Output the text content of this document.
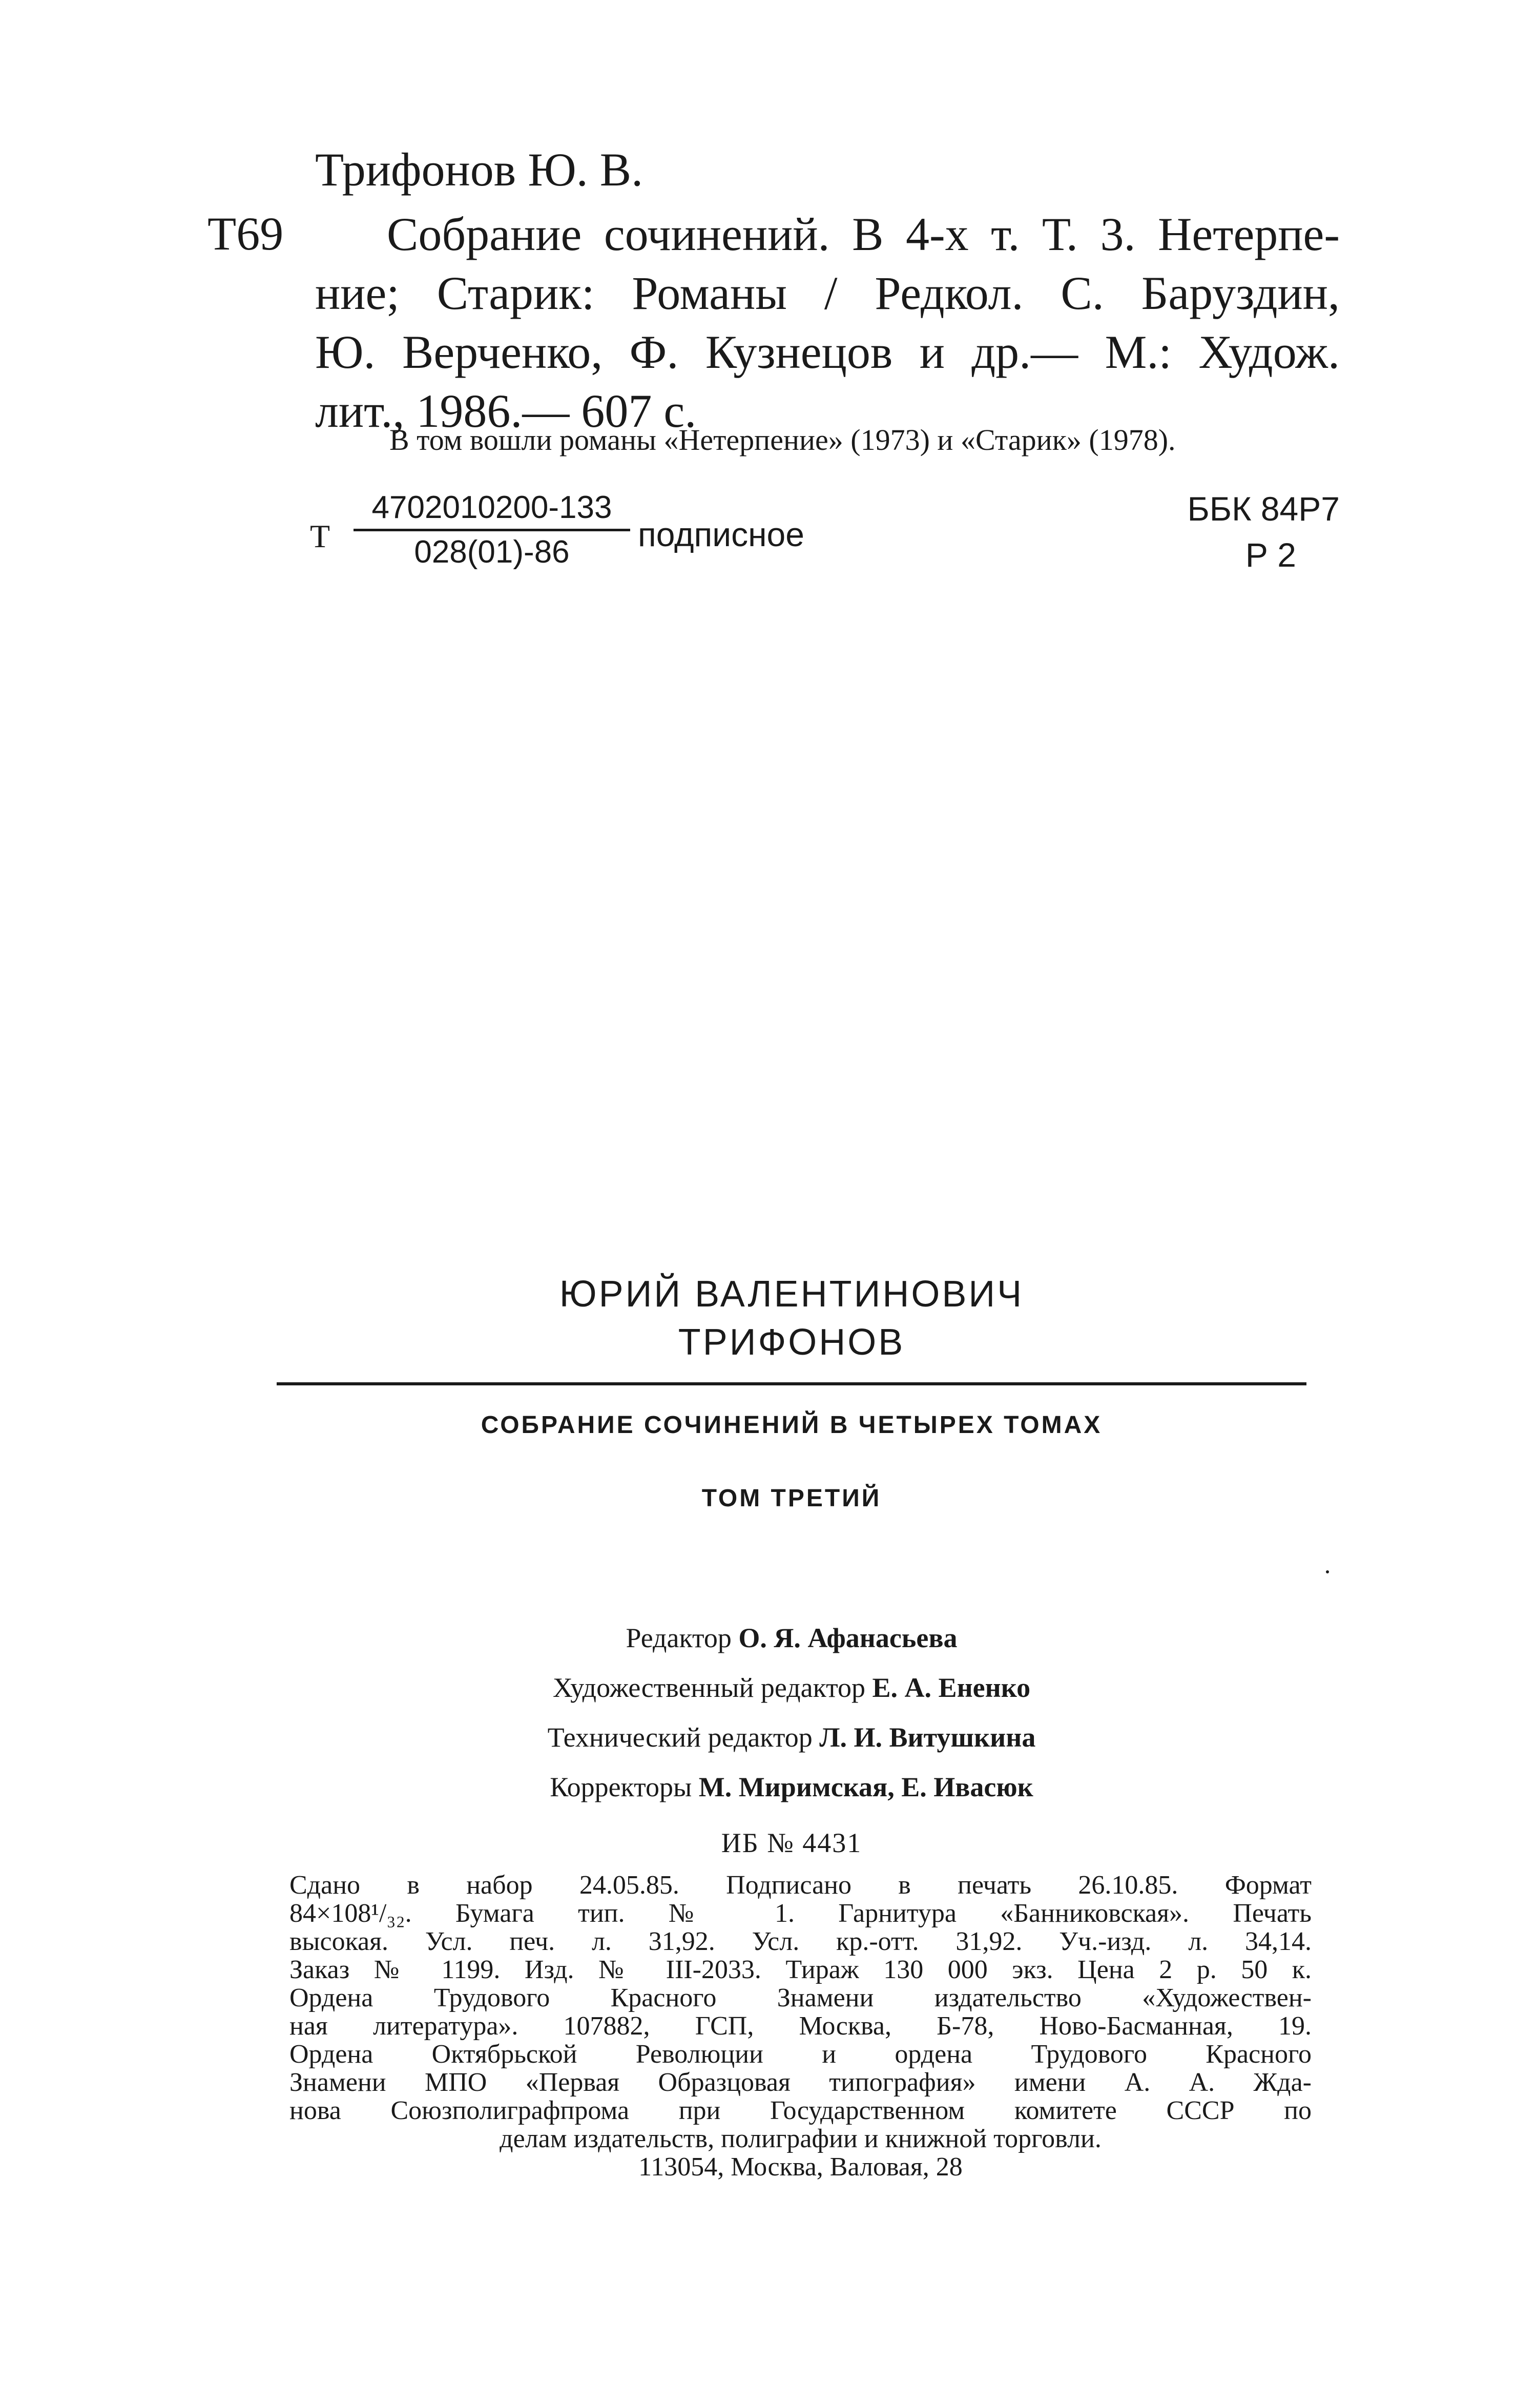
Трифонов Ю. В.
Т69	Собрание сочинений. В 4-х т. Т. 3. Нетерпе-
ние; Старик: Романы / Редкол. С. Баруздин,
Ю. Верченко, Ф. Кузнецов и др.— М.: Худож.
лит., 1986.— 607 с.
В том вошли романы «Нетерпение» (1973) и «Старик» (1978).
Т
4702010200-133
028(01)-86	подписное
ББК 84Р7
Р 2
ЮРИЙ ВАЛЕНТИНОВИЧ
ТРИФОНОВ
СОБРАНИЕ СОЧИНЕНИЙ В ЧЕТЫРЕХ ТОМАХ
ТОМ ТРЕТИЙ
Редактор О. Я. Афанасьева
Художественный редактор Е. А. Ененко
Технический редактор Л. И. Витушкина
Корректоры М. Миримская, Е. Ивасюк
ИБ № 4431
Сдано в набор 24.05.85. Подписано в печать 26.10.85. Формат
84×108¹/₃₂. Бумага тип. № 1. Гарнитура «Банниковская». Печать
высокая. Усл. печ. л. 31,92. Усл. кр.-отт. 31,92. Уч.-изд. л. 34,14.
Заказ № 1199. Изд. № III-2033. Тираж 130 000 экз. Цена 2 р. 50 к.
Ордена Трудового Красного Знамени издательство «Художествен-
ная литература». 107882, ГСП, Москва, Б-78, Ново-Басманная, 19.
Ордена Октябрьской Революции и ордена Трудового Красного
Знамени МПО «Первая Образцовая типография» имени А. А. Жда-
нова Союзполиграфпрома при Государственном комитете СССР по
делам издательств, полиграфии и книжной торговли.
113054, Москва, Валовая, 28
